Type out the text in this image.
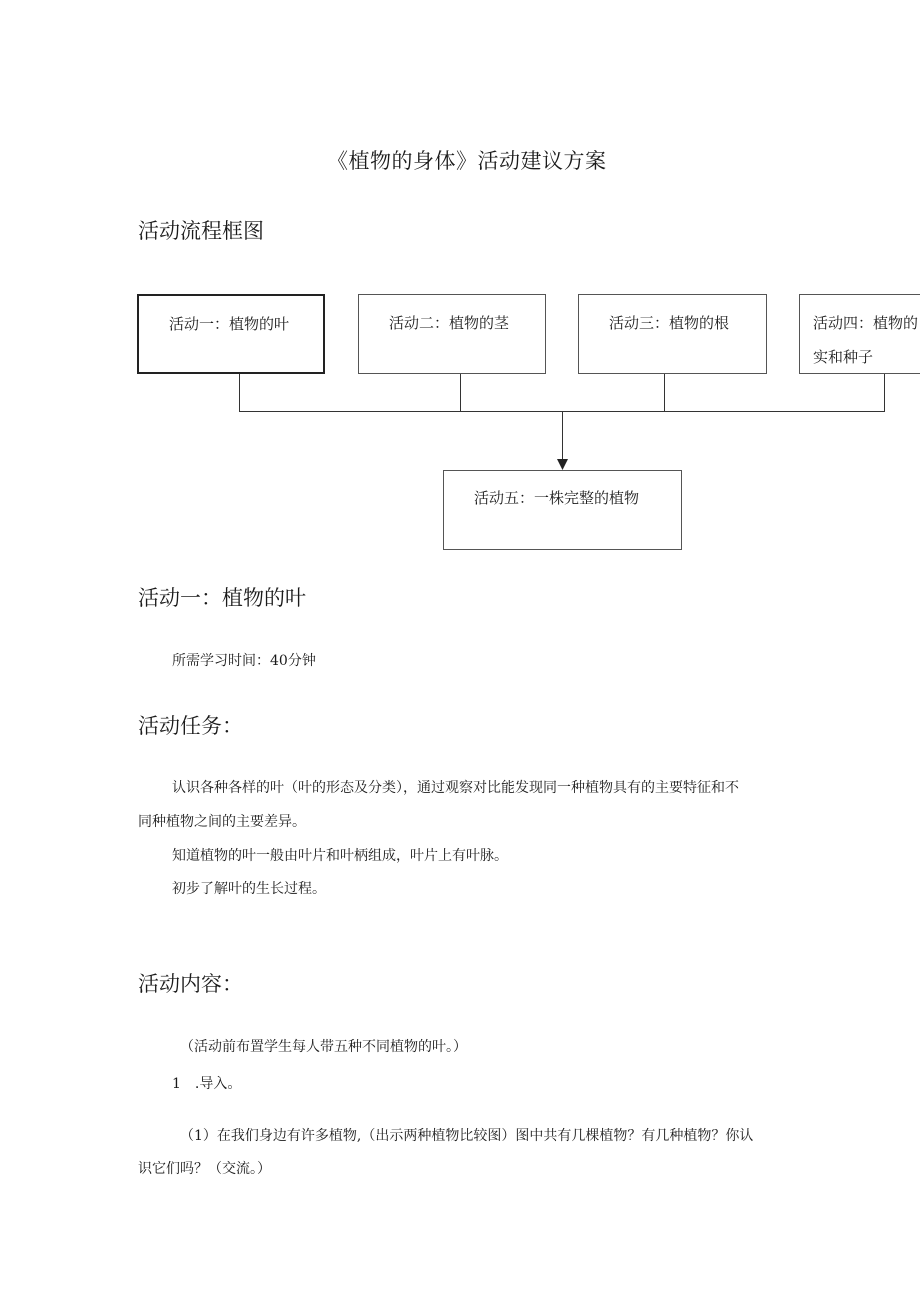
《植物的身体》活动建议方案
活动流程框图
活动一：植物的叶	活动二：植物的茎	活动三：植物的根	活动四：植物的
实和种子
活动五：一株完整的植物
活动一：植物的叶
所需学习时间：40分钟
活动任务：
认识各种各样的叶（叶的形态及分类），通过观察对比能发现同一种植物具有的主要特征和不
同种植物之间的主要差异。
知道植物的叶一般由叶片和叶柄组成，叶片上有叶脉。
初步了解叶的生长过程。
活动内容：
（活动前布置学生每人带五种不同植物的叶。）
1　.导入。
（1）在我们身边有许多植物,（出示两种植物比较图）图中共有几棵植物？有几种植物？你认
识它们吗？（交流。）
